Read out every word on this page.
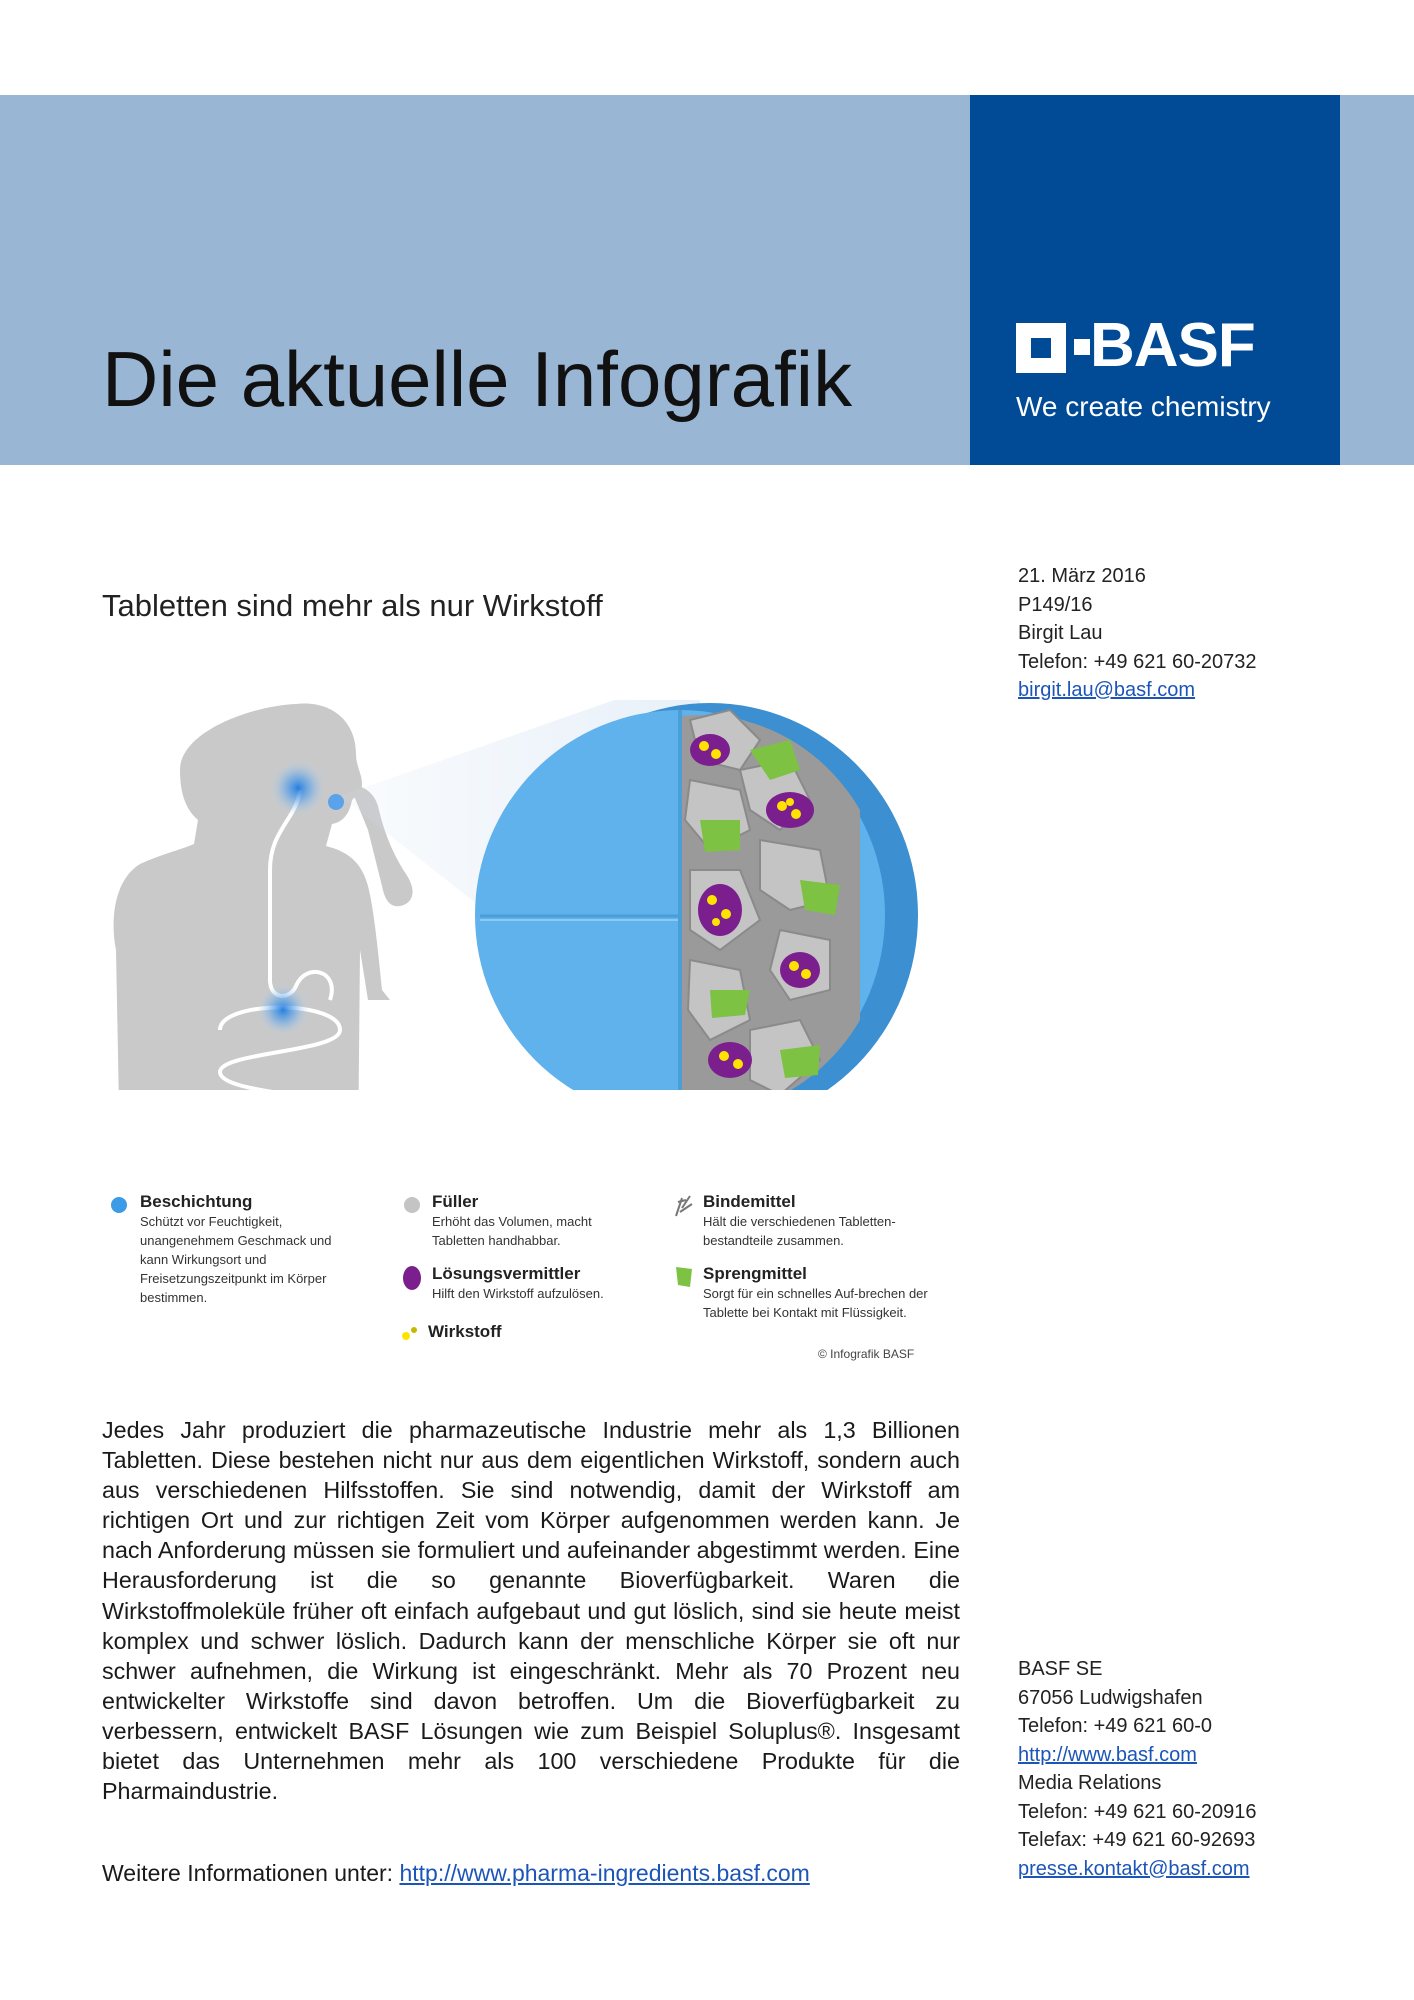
Die aktuelle Infografik	BASF
We create chemistry
Tabletten sind mehr als nur Wirkstoff
21. März 2016
P149/16
Birgit Lau
Telefon: +49 621 60-20732
birgit.lau@basf.com
Beschichtung
Schützt vor Feuchtigkeit, unangenehmem Geschmack und kann Wirkungsort und Freisetzungszeitpunkt im Körper bestimmen.
Füller
Erhöht das Volumen, macht Tabletten handhabbar.
Lösungsvermittler
Hilft den Wirkstoff aufzulösen.
Wirkstoff
Bindemittel
Hält die verschiedenen Tabletten-bestandteile zusammen.
Sprengmittel
Sorgt für ein schnelles Auf-brechen der Tablette bei Kontakt mit Flüssigkeit.
© Infografik BASF
Jedes Jahr produziert die pharmazeutische Industrie mehr als 1,3 Billionen Tabletten. Diese bestehen nicht nur aus dem eigentlichen Wirkstoff, sondern auch aus verschiedenen Hilfsstoffen. Sie sind notwendig, damit der Wirkstoff am richtigen Ort und zur richtigen Zeit vom Körper aufgenommen werden kann. Je nach Anforderung müssen sie formuliert und aufeinander abgestimmt werden. Eine Herausforderung ist die so genannte Bioverfügbarkeit. Waren die Wirkstoffmoleküle früher oft einfach aufgebaut und gut löslich, sind sie heute meist komplex und schwer löslich. Dadurch kann der menschliche Körper sie oft nur schwer aufnehmen, die Wirkung ist eingeschränkt. Mehr als 70 Prozent neu entwickelter Wirkstoffe sind davon betroffen. Um die Bioverfügbarkeit zu verbessern, entwickelt BASF Lösungen wie zum Beispiel Soluplus®. Insgesamt bietet das Unternehmen mehr als 100 verschiedene Produkte für die Pharmaindustrie.
Weitere Informationen unter: http://www.pharma-ingredients.basf.com
BASF SE
67056 Ludwigshafen
Telefon: +49 621 60-0
http://www.basf.com
Media Relations
Telefon: +49 621 60-20916
Telefax: +49 621 60-92693
presse.kontakt@basf.com
